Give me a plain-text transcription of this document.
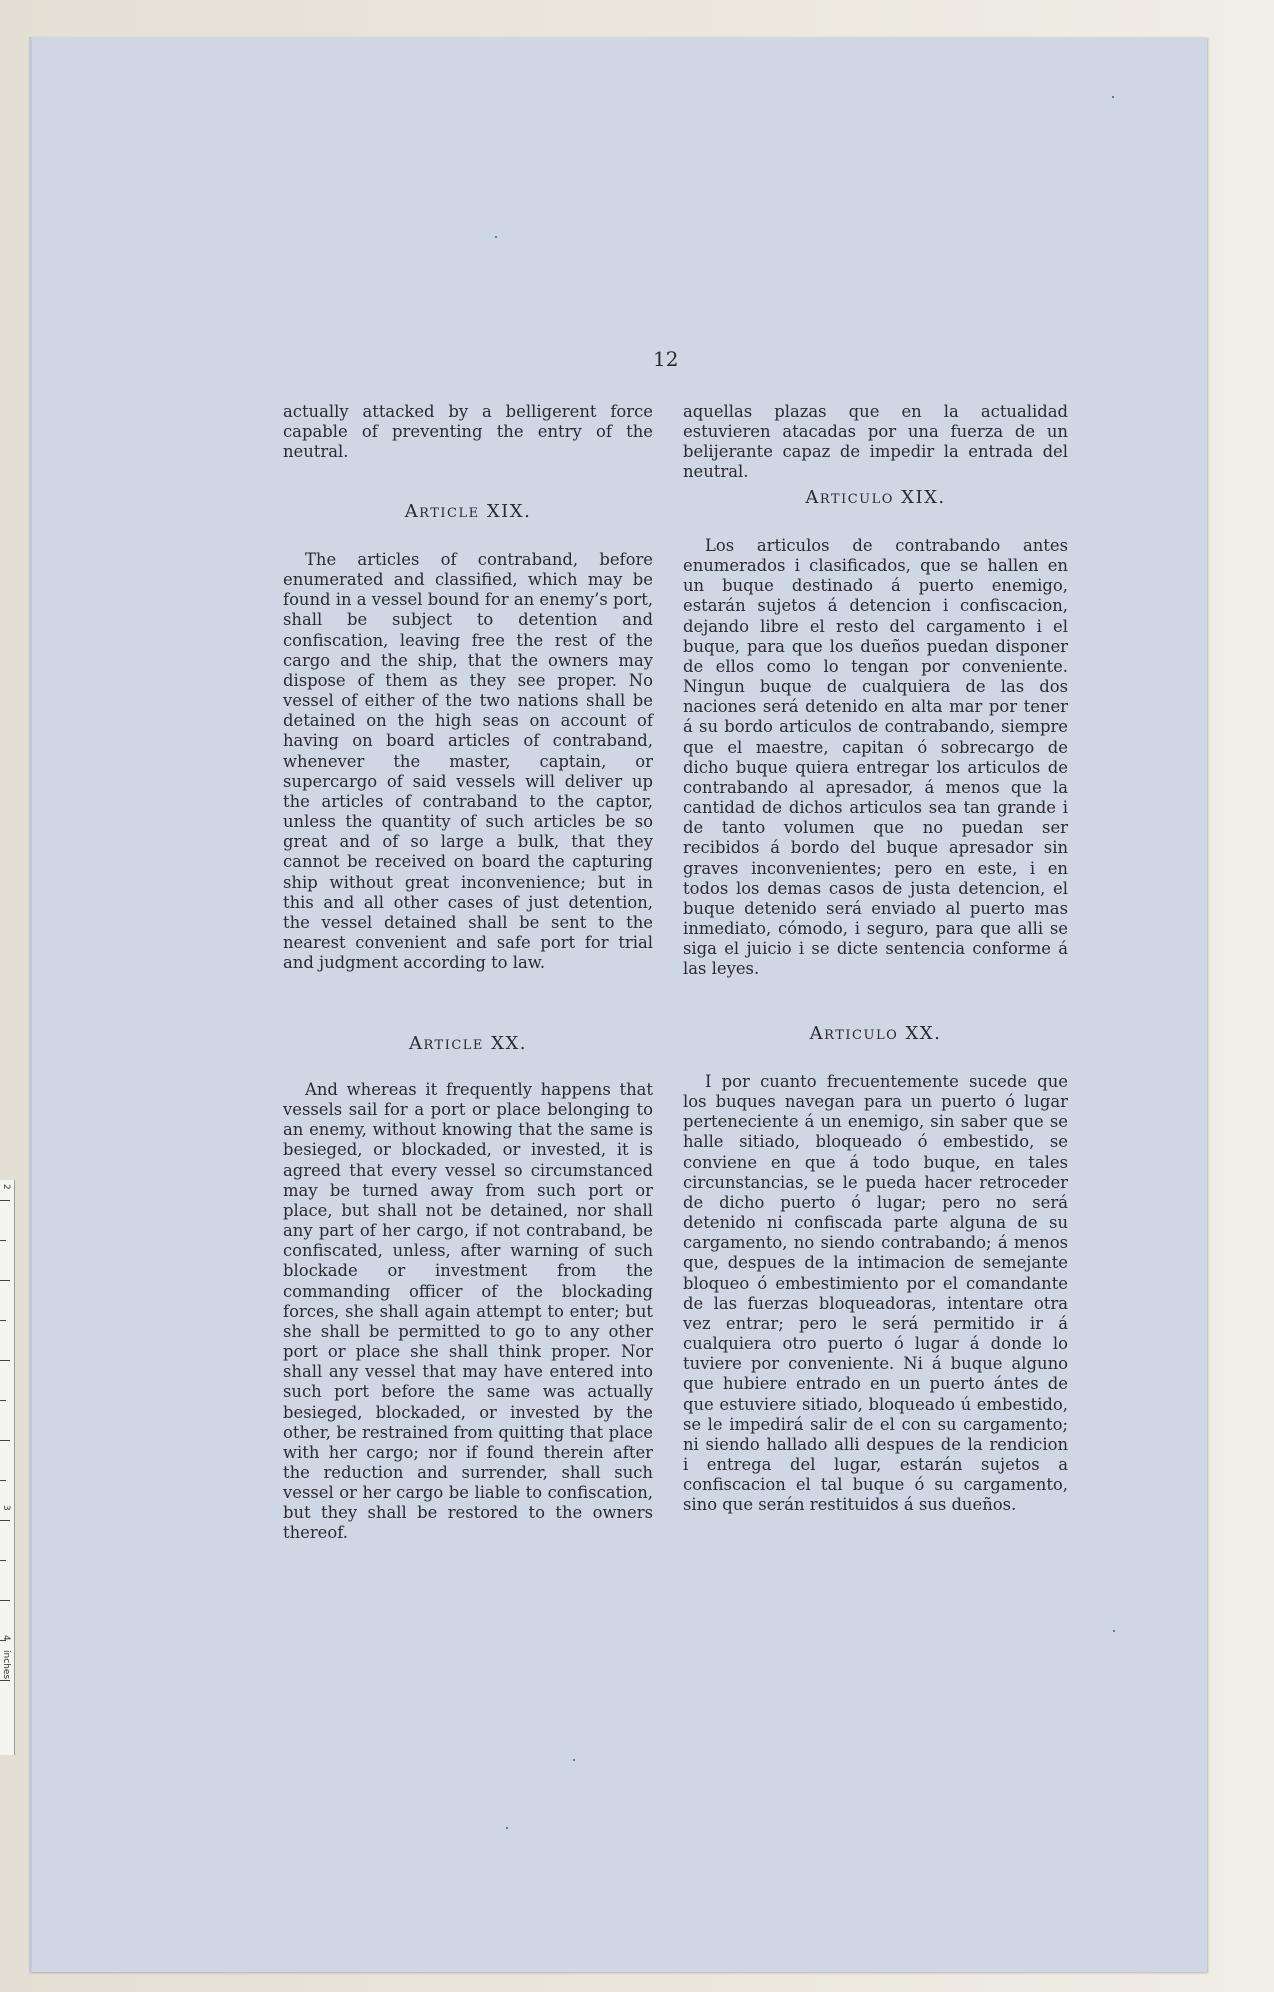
2
3
4
inches
12
actually attacked by a belligerent force capable of preventing the entry of the neutral.
Article XIX.
The articles of contraband, before enumerated and classified, which may be found in a vessel bound for an enemy’s port, shall be subject to detention and confiscation, leaving free the rest of the cargo and the ship, that the owners may dispose of them as they see proper. No vessel of either of the two nations shall be detained on the high seas on account of having on board articles of contraband, whenever the master, captain, or supercargo of said vessels will deliver up the articles of contraband to the captor, unless the quantity of such articles be so great and of so large a bulk, that they cannot be received on board the capturing ship without great inconvenience; but in this and all other cases of just detention, the vessel detained shall be sent to the nearest convenient and safe port for trial and judgment according to law.
Article XX.
And whereas it frequently happens that vessels sail for a port or place belonging to an enemy, without knowing that the same is besieged, or blockaded, or invested, it is agreed that every vessel so circumstanced may be turned away from such port or place, but shall not be detained, nor shall any part of her cargo, if not contraband, be confiscated, unless, after warning of such blockade or investment from the commanding officer of the blockading forces, she shall again attempt to enter; but she shall be permitted to go to any other port or place she shall think proper. Nor shall any vessel that may have entered into such port before the same was actually besieged, blockaded, or invested by the other, be restrained from quitting that place with her cargo; nor if found therein after the reduction and surrender, shall such vessel or her cargo be liable to confiscation, but they shall be restored to the owners thereof.
aquellas plazas que en la actualidad estuvieren atacadas por una fuerza de un belijerante capaz de impedir la entrada del neutral.
Articulo XIX.
Los articulos de contrabando antes enumerados i clasificados, que se hallen en un buque destinado á puerto enemigo, estarán sujetos á detencion i confiscacion, dejando libre el resto del cargamento i el buque, para que los dueños puedan disponer de ellos como lo tengan por conveniente. Ningun buque de cualquiera de las dos naciones será detenido en alta mar por tener á su bordo articulos de contrabando, siempre que el maestre, capitan ó sobrecargo de dicho buque quiera entregar los articulos de contrabando al apresador, á menos que la cantidad de dichos articulos sea tan grande i de tanto volumen que no puedan ser recibidos á bordo del buque apresador sin graves inconvenientes; pero en este, i en todos los demas casos de justa detencion, el buque detenido será enviado al puerto mas inmediato, cómodo, i seguro, para que alli se siga el juicio i se dicte sentencia conforme á las leyes.
Articulo XX.
I por cuanto frecuentemente sucede que los buques navegan para un puerto ó lugar perteneciente á un enemigo, sin saber que se halle sitiado, bloqueado ó embestido, se conviene en que á todo buque, en tales circunstancias, se le pueda hacer retroceder de dicho puerto ó lugar; pero no será detenido ni confiscada parte alguna de su cargamento, no siendo contrabando; á menos que, despues de la intimacion de semejante bloqueo ó embestimiento por el comandante de las fuerzas bloqueadoras, intentare otra vez entrar; pero le será permitido ir á cualquiera otro puerto ó lugar á donde lo tuviere por conveniente. Ni á buque alguno que hubiere entrado en un puerto ántes de que estuviere sitiado, bloqueado ú embestido, se le impedirá salir de el con su cargamento; ni siendo hallado alli despues de la rendicion i entrega del lugar, estarán sujetos a confiscacion el tal buque ó su cargamento, sino que serán restituidos á sus dueños.
